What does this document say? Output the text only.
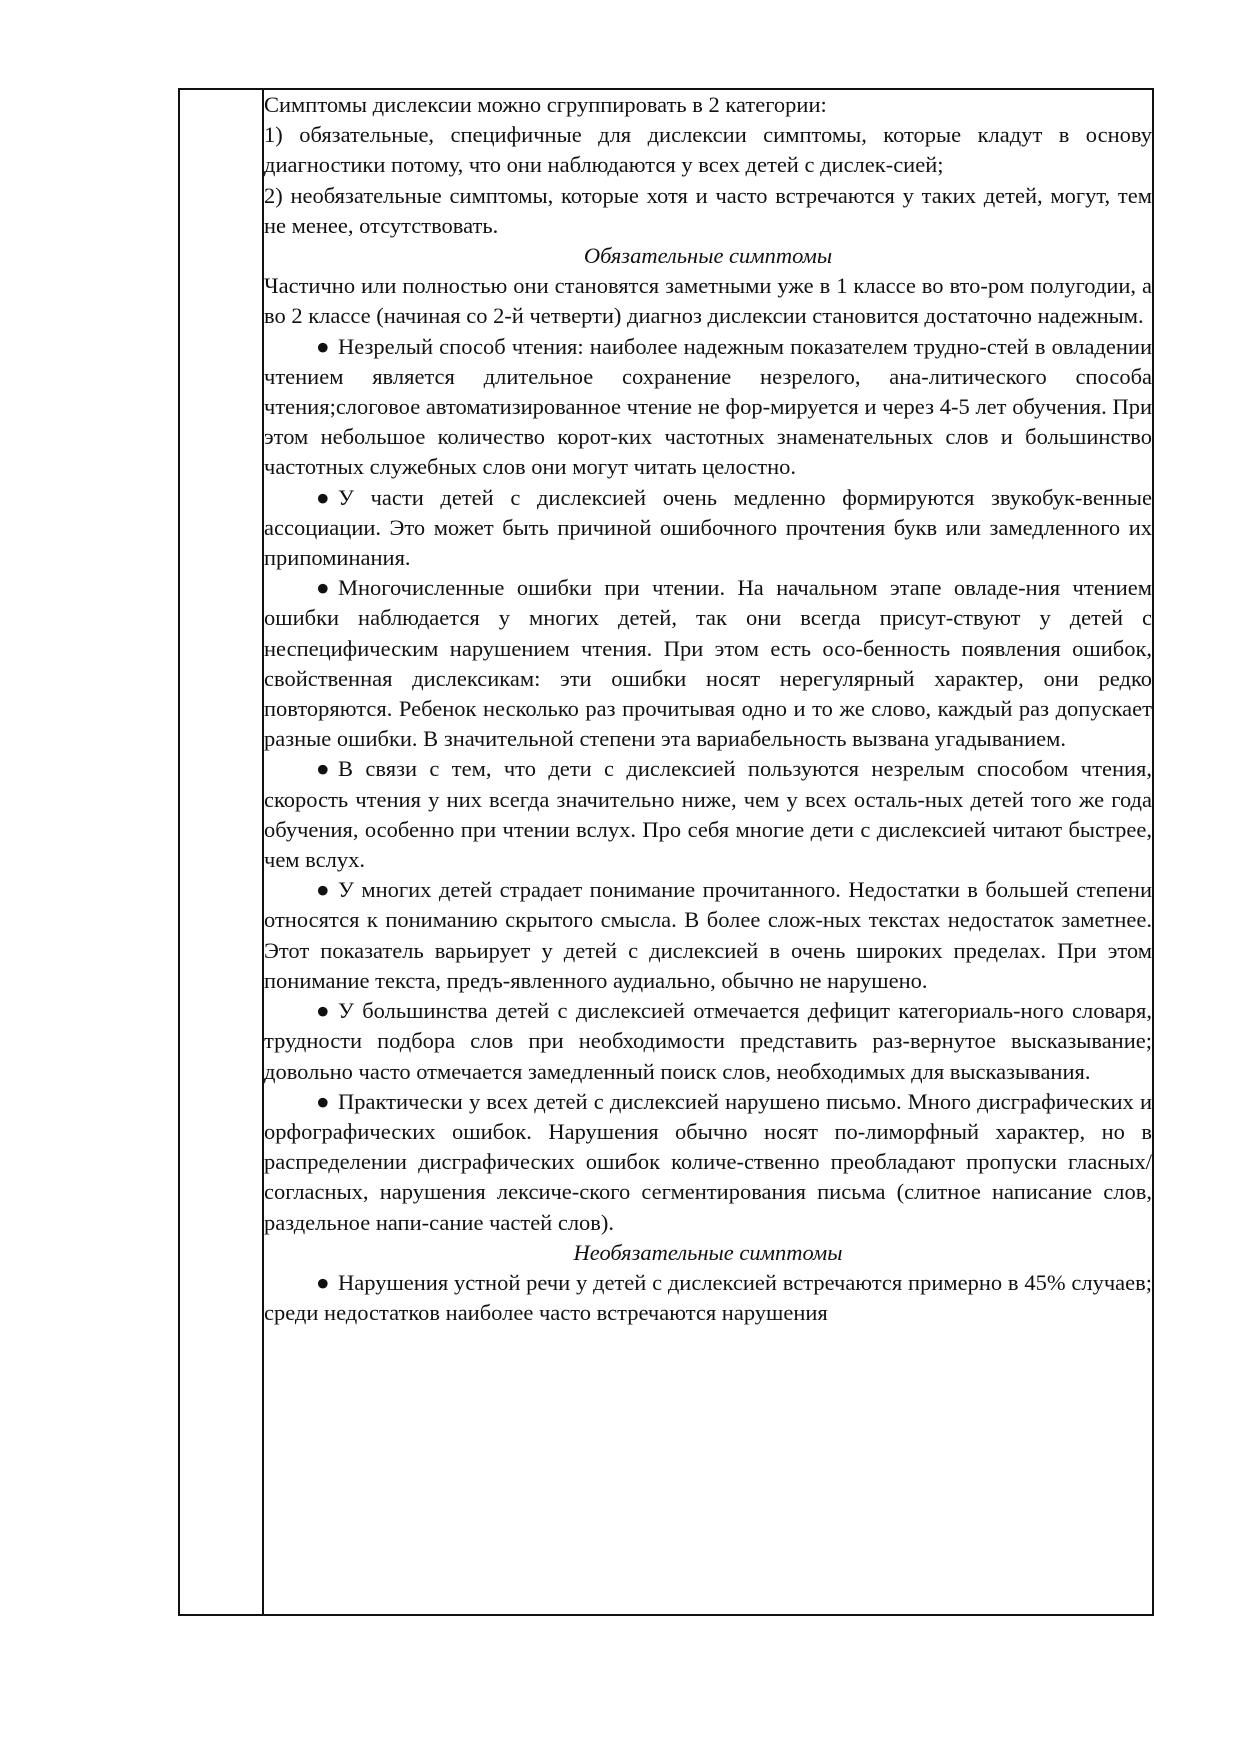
Симптомы дислексии можно сгруппировать в 2 категории:

1) обязательные, специфичные для дислексии симптомы, которые кладут в основу диагностики потому, что они наблюдаются у всех детей с дислек-сией;

2) необязательные симптомы, которые хотя и часто встречаются у таких детей, могут, тем не менее, отсутствовать.

Обязательные симптомы

Частично или полностью они становятся заметными уже в 1 классе во вто-ром полугодии, а во 2 классе (начиная со 2-й четверти) диагноз дислексии становится достаточно надежным.

● Незрелый способ чтения: наиболее надежным показателем трудно-стей в овладении чтением является длительное сохранение незрелого, ана-литического способа чтения;слоговое автоматизированное чтение не фор-мируется и через 4-5 лет обучения. При этом небольшое количество корот-ких частотных знаменательных слов и большинство частотных служебных слов они могут читать целостно.

● У части детей с дислексией очень медленно формируются звукобук-венные ассоциации. Это может быть причиной ошибочного прочтения букв или замедленного их припоминания.

● Многочисленные ошибки при чтении. На начальном этапе овладе-ния чтением ошибки наблюдается у многих детей, так они всегда присут-ствуют у детей с неспецифическим нарушением чтения. При этом есть осо-бенность появления ошибок, свойственная дислексикам: эти ошибки носят нерегулярный характер, они редко повторяются. Ребенок несколько раз прочитывая одно и то же слово, каждый раз допускает разные ошибки. В значительной степени эта вариабельность вызвана угадыванием.

● В связи с тем, что дети с дислексией пользуются незрелым способом чтения, скорость чтения у них всегда значительно ниже, чем у всех осталь-ных детей того же года обучения, особенно при чтении вслух. Про себя многие дети с дислексией читают быстрее, чем вслух.

● У многих детей страдает понимание прочитанного. Недостатки в большей степени относятся к пониманию скрытого смысла. В более слож-ных текстах недостаток заметнее. Этот показатель варьирует у детей с дислексией в очень широких пределах. При этом понимание текста, предъ-явленного аудиально, обычно не нарушено.

● У большинства детей с дислексией отмечается дефицит категориаль-ного словаря, трудности подбора слов при необходимости представить раз-вернутое высказывание; довольно часто отмечается замедленный поиск слов, необходимых для высказывания.

● Практически у всех детей с дислексией нарушено письмо. Много дисграфических и орфографических ошибок. Нарушения обычно носят по-лиморфный характер, но в распределении дисграфических ошибок количе-ственно преобладают пропуски гласных/согласных, нарушения лексиче-ского сегментирования письма (слитное написание слов, раздельное напи-сание частей слов).

Необязательные симптомы

● Нарушения устной речи у детей с дислексией встречаются примерно в 45% случаев; среди недостатков наиболее часто встречаются нарушения
